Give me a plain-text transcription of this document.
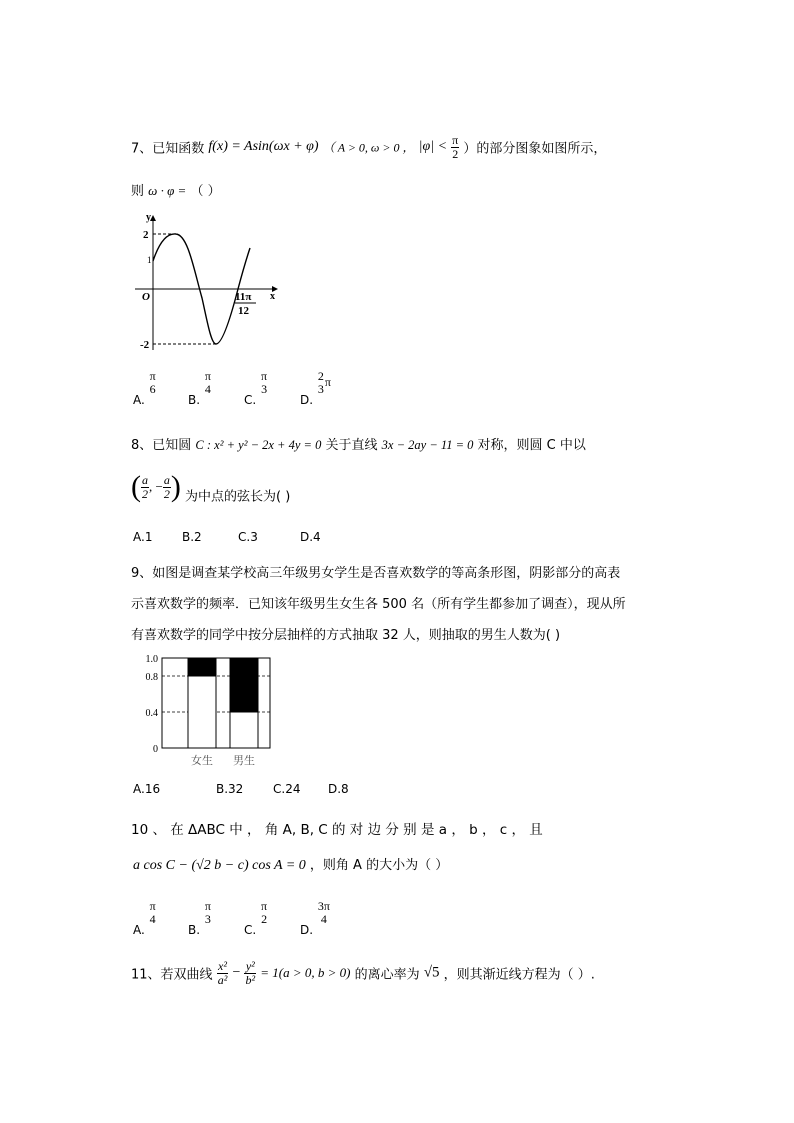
7、已知函数 f(x) = Asin(ωx + φ) （ A > 0, ω > 0 ， $|\varphi| < \frac{\pi}{2}$ ）的部分图象如图所示，
则 ω · φ = （ ）
y
x
O
2
1
-2
11π
12
A.
π
6
B.
π
4
C.
π
3
D.
2
3 π
8、已知圆 C : x² + y² − 2x + 4y = 0 关于直线 3x − 2ay − 11 = 0 对称，则圆 C 中以
( $\frac{a}{2}$ , − $\frac{a}{2}$ ) 为中点的弦长为( )
A.1 B.2	C.3	D.4
9、如图是调查某学校高三年级男女学生是否喜欢数学的等高条形图，阴影部分的高表
示喜欢数学的频率．已知该年级男生女生各 500 名（所有学生都参加了调查），现从所
有喜欢数学的同学中按分层抽样的方式抽取 32 人，则抽取的男生人数为( )
0
0.4
0.8
1.0
女生 男生
A.16	B.32 C.24 D.8
10 、 在 ΔABC 中 ， 角 A, B, C 的 对 边 分 别 是 a ， b ， c ， 且
a cos C − (√2 b − c) cos A = 0 ，则角 A 的大小为（ ）
A.
π
4
B.
π
3
C.
π
2
D.
3π
4
11、若双曲线 $\frac{\text{x²}}{\text{a²}} - \frac{\text{y²}}{\text{b²}} = 1(a > 0$, b > 0) 的离心率为 √5 ，则其渐近线方程为（ ）.
